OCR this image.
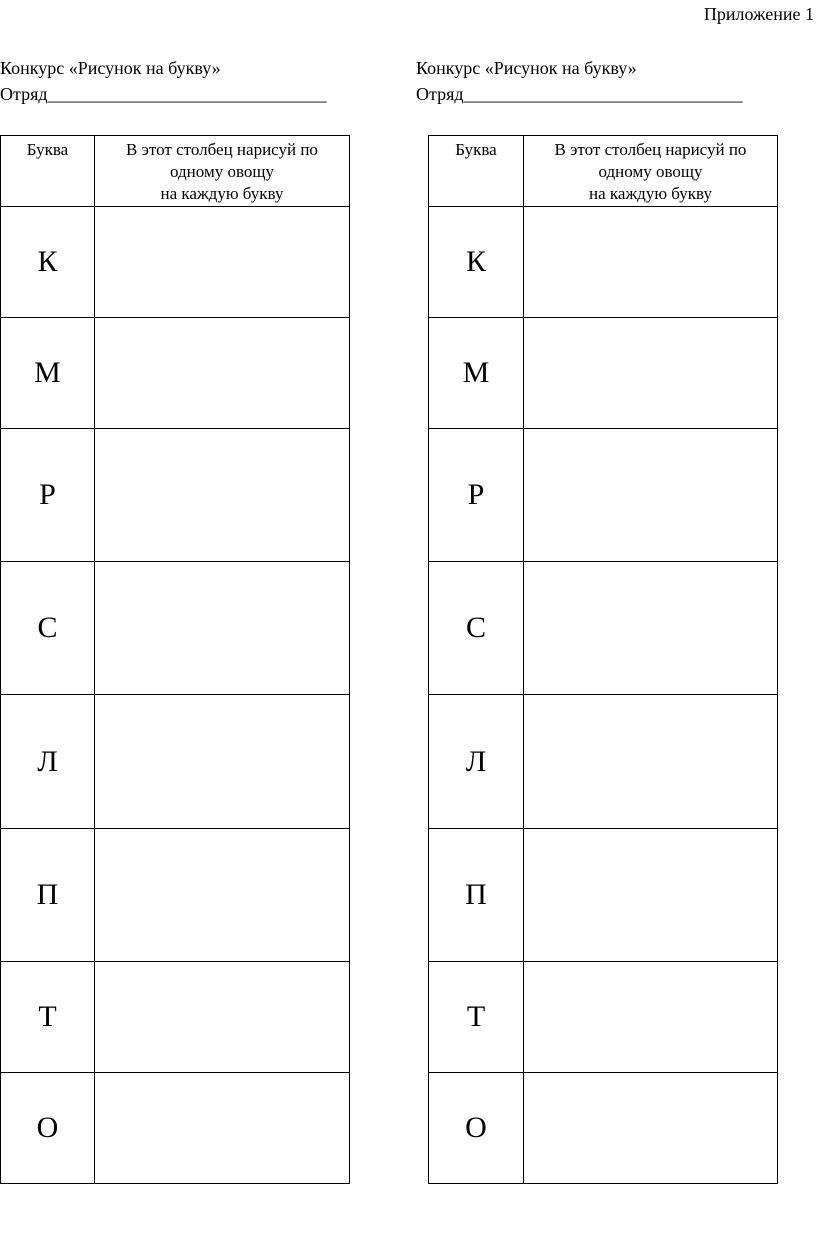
Приложение 1
Конкурс «Рисунок на букву»
Отряд_______________________________
Конкурс «Рисунок на букву»
Отряд_______________________________
Буква	В этот столбец нарисуй по
одному овощу
на каждую букву

К	
М	
Р	
С	
Л	
П	
Т	
О	
Буква	В этот столбец нарисуй по
одному овощу
на каждую букву

К	
М	
Р	
С	
Л	
П	
Т	
О	
